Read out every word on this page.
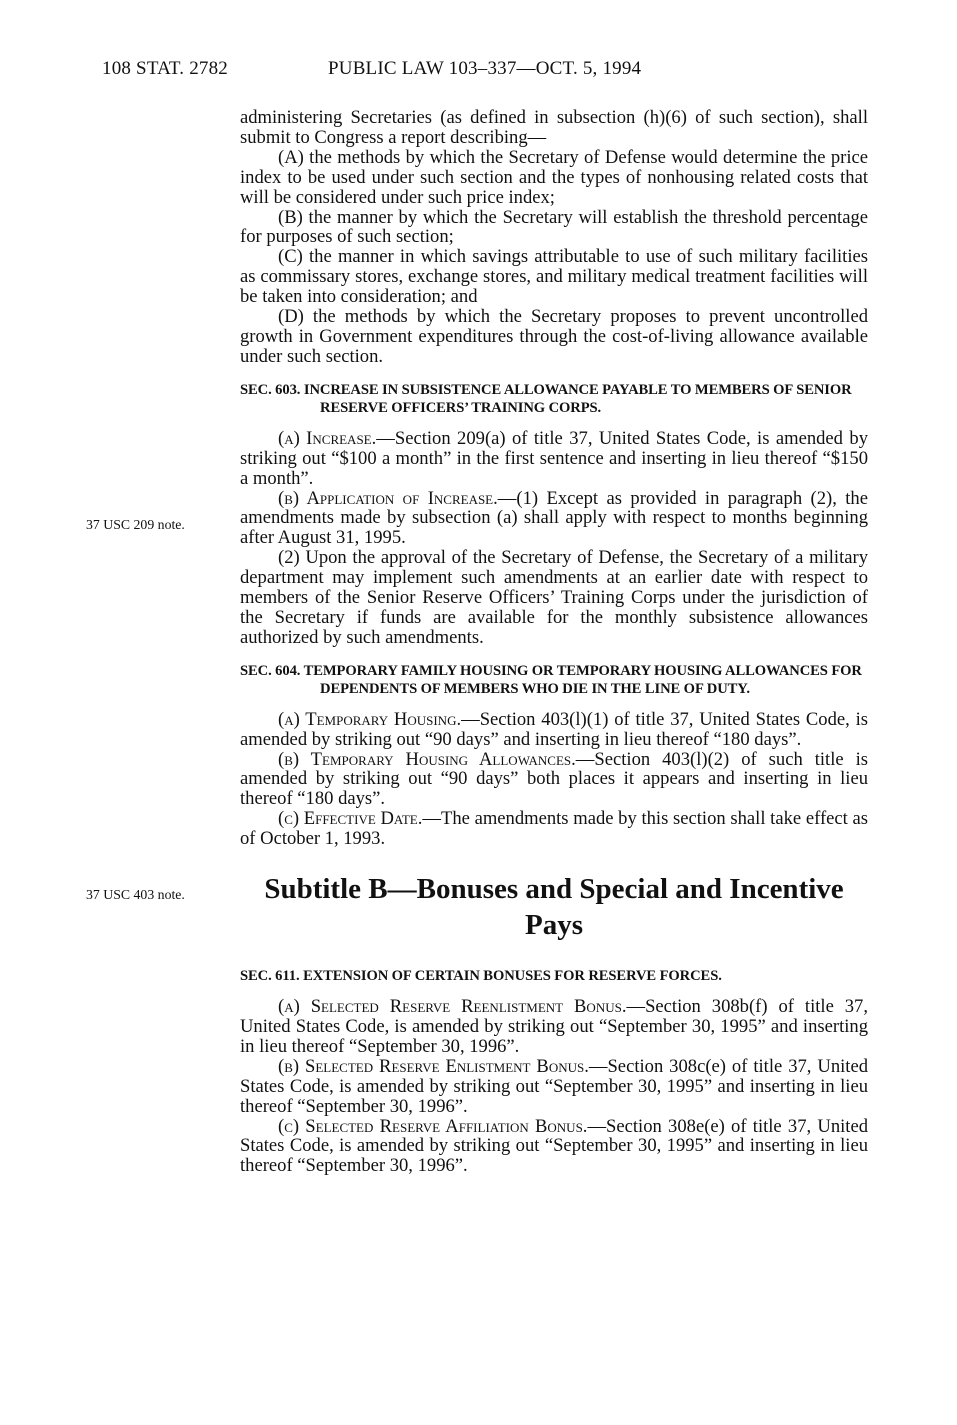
108 STAT. 2782	PUBLIC LAW 103–337—OCT. 5, 1994
37 USC 209 note.
37 USC 403 note.

administering Secretaries (as defined in subsection (h)(6) of such section), shall submit to Congress a report describing—

(A) the methods by which the Secretary of Defense would determine the price index to be used under such section and the types of nonhousing related costs that will be considered under such price index;

(B) the manner by which the Secretary will establish the threshold percentage for purposes of such section;

(C) the manner in which savings attributable to use of such military facilities as commissary stores, exchange stores, and military medical treatment facilities will be taken into consideration; and

(D) the methods by which the Secretary proposes to prevent uncontrolled growth in Government expenditures through the cost-of-living allowance available under such section.

SEC. 603. INCREASE IN SUBSISTENCE ALLOWANCE PAYABLE TO MEMBERS OF SENIOR RESERVE OFFICERS’ TRAINING CORPS.

(a) Increase.—Section 209(a) of title 37, United States Code, is amended by striking out “$100 a month” in the first sentence and inserting in lieu thereof “$150 a month”.

(b) Application of Increase.—(1) Except as provided in paragraph (2), the amendments made by subsection (a) shall apply with respect to months beginning after August 31, 1995.

(2) Upon the approval of the Secretary of Defense, the Secretary of a military department may implement such amendments at an earlier date with respect to members of the Senior Reserve Officers’ Training Corps under the jurisdiction of the Secretary if funds are available for the monthly subsistence allowances authorized by such amendments.

SEC. 604. TEMPORARY FAMILY HOUSING OR TEMPORARY HOUSING ALLOWANCES FOR DEPENDENTS OF MEMBERS WHO DIE IN THE LINE OF DUTY.

(a) Temporary Housing.—Section 403(l)(1) of title 37, United States Code, is amended by striking out “90 days” and inserting in lieu thereof “180 days”.

(b) Temporary Housing Allowances.—Section 403(l)(2) of such title is amended by striking out “90 days” both places it appears and inserting in lieu thereof “180 days”.

(c) Effective Date.—The amendments made by this section shall take effect as of October 1, 1993.

Subtitle B—Bonuses and Special and Incentive Pays

SEC. 611. EXTENSION OF CERTAIN BONUSES FOR RESERVE FORCES.

(a) Selected Reserve Reenlistment Bonus.—Section 308b(f) of title 37, United States Code, is amended by striking out “September 30, 1995” and inserting in lieu thereof “September 30, 1996”.

(b) Selected Reserve Enlistment Bonus.—Section 308c(e) of title 37, United States Code, is amended by striking out “September 30, 1995” and inserting in lieu thereof “September 30, 1996”.

(c) Selected Reserve Affiliation Bonus.—Section 308e(e) of title 37, United States Code, is amended by striking out “September 30, 1995” and inserting in lieu thereof “September 30, 1996”.
